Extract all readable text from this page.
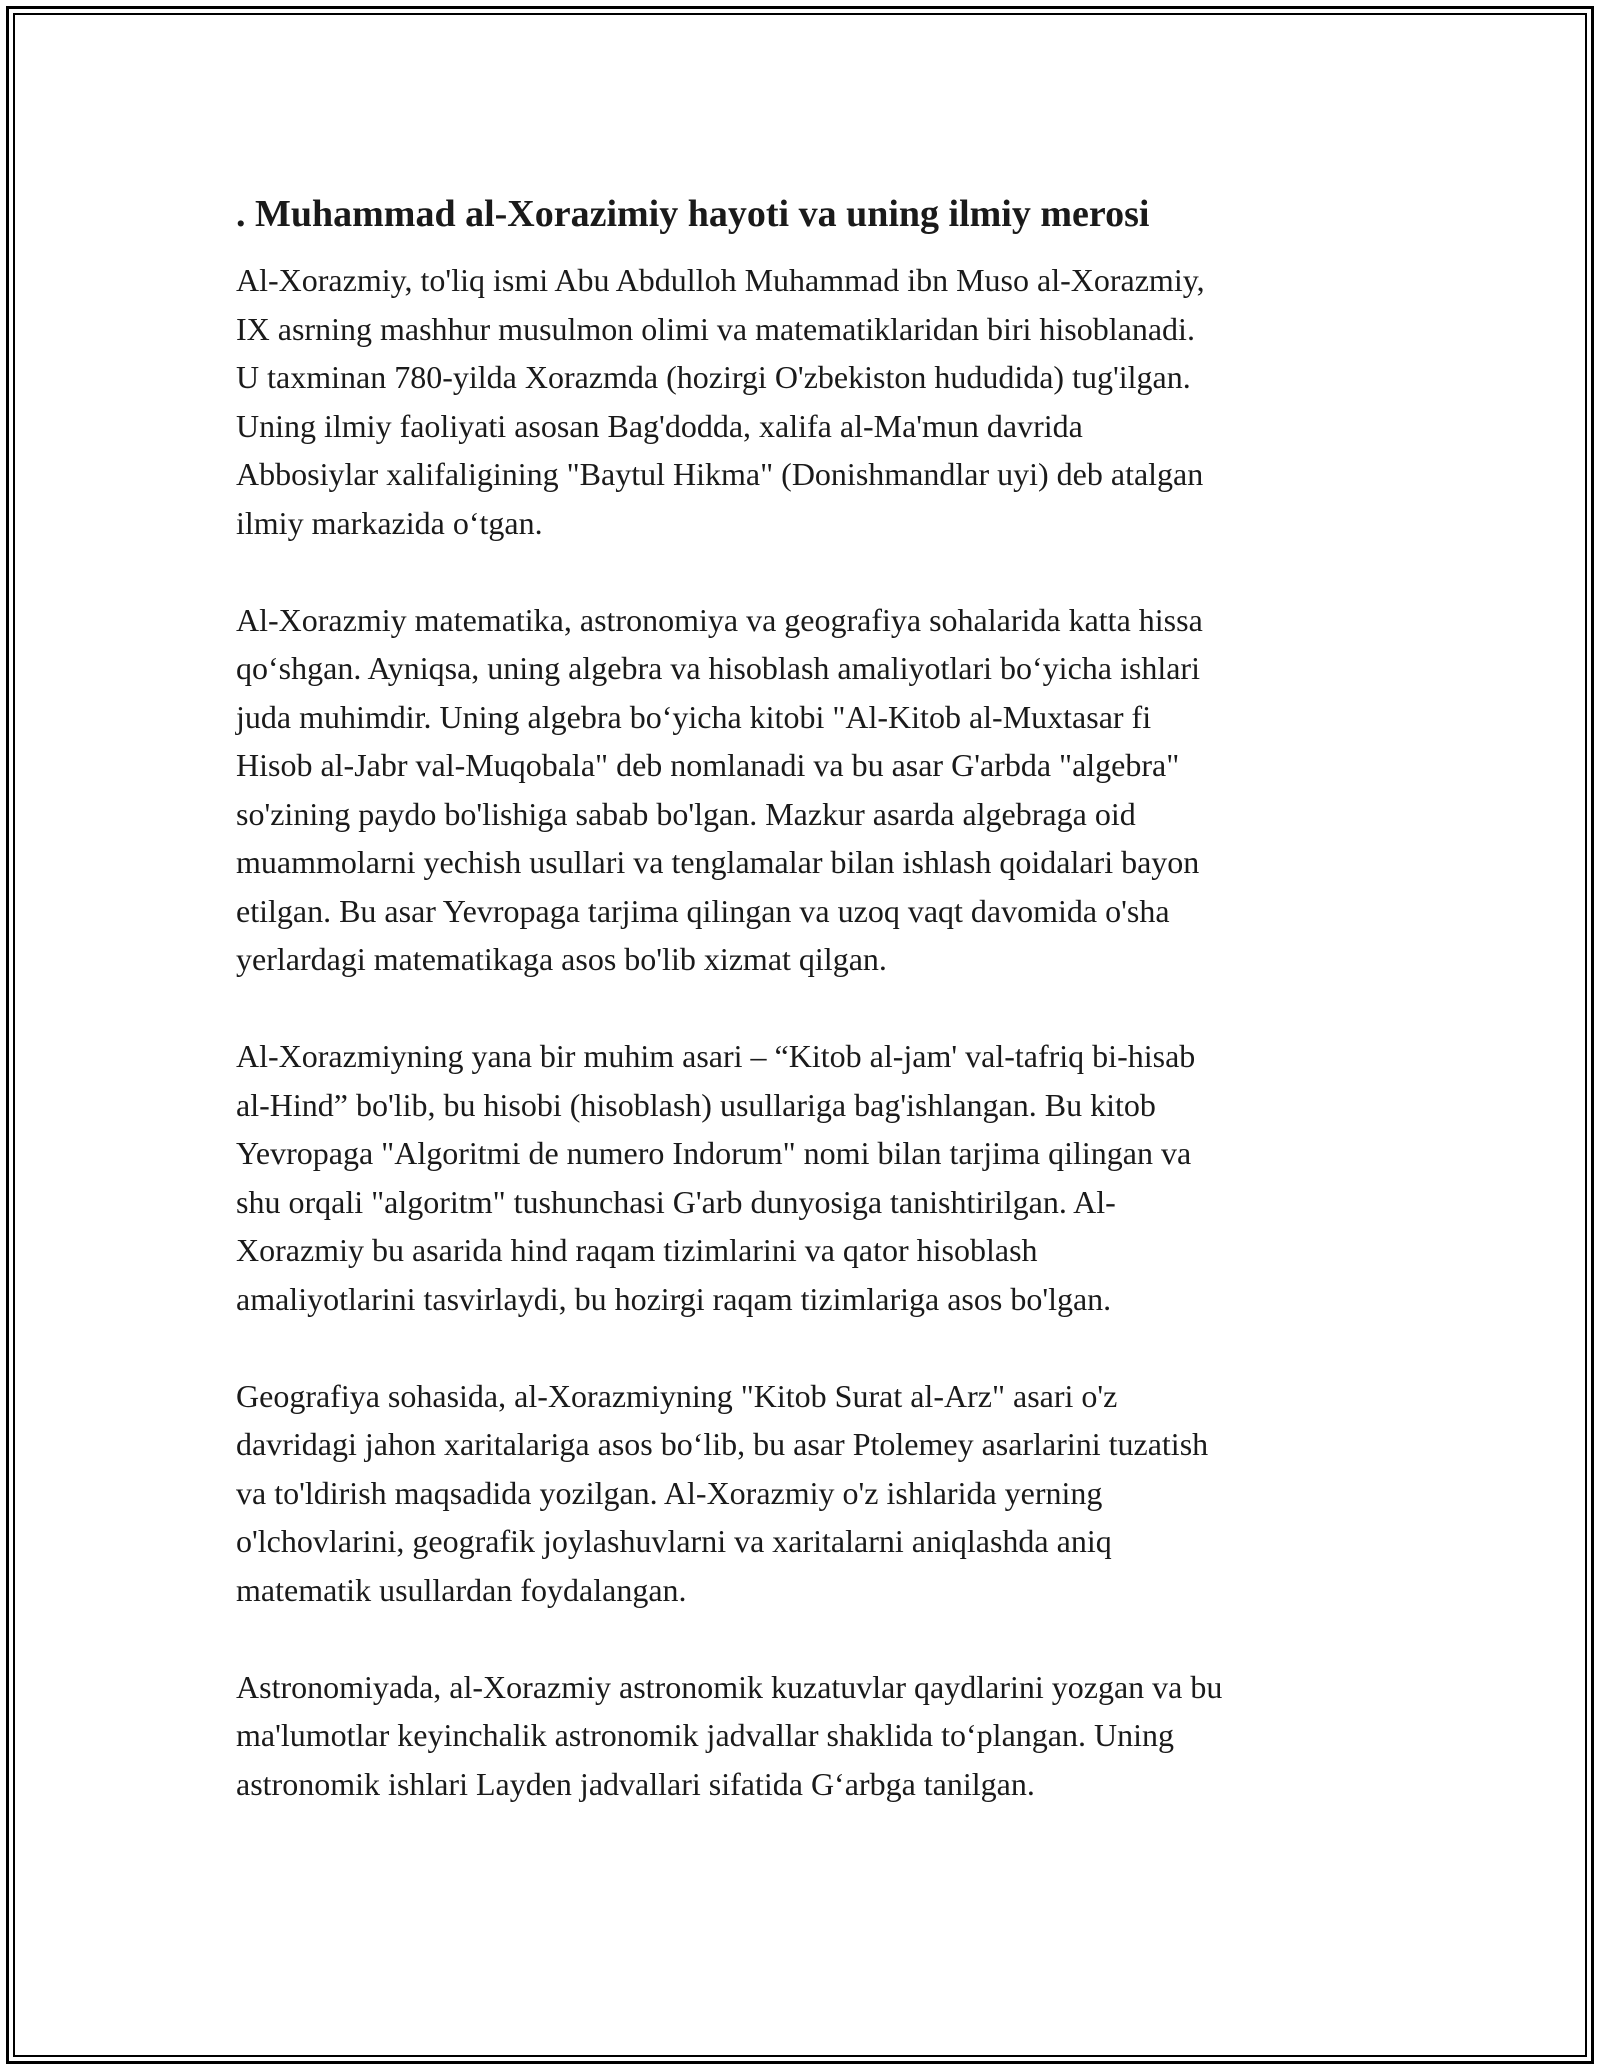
. Muhammad al-Xorazimiy hayoti va uning ilmiy merosi
Al-Xorazmiy, to'liq ismi Abu Abdulloh Muhammad ibn Muso al-Xorazmiy,
IX asrning mashhur musulmon olimi va matematiklaridan biri hisoblanadi.
U taxminan 780-yilda Xorazmda (hozirgi O'zbekiston hududida) tug'ilgan.
Uning ilmiy faoliyati asosan Bag'dodda, xalifa al-Ma'mun davrida
Abbosiylar xalifaligining "Baytul Hikma" (Donishmandlar uyi) deb atalgan
ilmiy markazida o‘tgan.
Al-Xorazmiy matematika, astronomiya va geografiya sohalarida katta hissa
qo‘shgan. Ayniqsa, uning algebra va hisoblash amaliyotlari bo‘yicha ishlari
juda muhimdir. Uning algebra bo‘yicha kitobi "Al-Kitob al-Muxtasar fi
Hisob al-Jabr val-Muqobala" deb nomlanadi va bu asar G'arbda "algebra"
so'zining paydo bo'lishiga sabab bo'lgan. Mazkur asarda algebraga oid
muammolarni yechish usullari va tenglamalar bilan ishlash qoidalari bayon
etilgan. Bu asar Yevropaga tarjima qilingan va uzoq vaqt davomida o'sha
yerlardagi matematikaga asos bo'lib xizmat qilgan.
Al-Xorazmiyning yana bir muhim asari – “Kitob al-jam' val-tafriq bi-hisab
al-Hind” bo'lib, bu hisobi (hisoblash) usullariga bag'ishlangan. Bu kitob
Yevropaga "Algoritmi de numero Indorum" nomi bilan tarjima qilingan va
shu orqali "algoritm" tushunchasi G'arb dunyosiga tanishtirilgan. Al-
Xorazmiy bu asarida hind raqam tizimlarini va qator hisoblash
amaliyotlarini tasvirlaydi, bu hozirgi raqam tizimlariga asos bo'lgan.
Geografiya sohasida, al-Xorazmiyning "Kitob Surat al-Arz" asari o'z
davridagi jahon xaritalariga asos bo‘lib, bu asar Ptolemey asarlarini tuzatish
va to'ldirish maqsadida yozilgan. Al-Xorazmiy o'z ishlarida yerning
o'lchovlarini, geografik joylashuvlarni va xaritalarni aniqlashda aniq
matematik usullardan foydalangan.
Astronomiyada, al-Xorazmiy astronomik kuzatuvlar qaydlarini yozgan va bu
ma'lumotlar keyinchalik astronomik jadvallar shaklida to‘plangan. Uning
astronomik ishlari Layden jadvallari sifatida G‘arbga tanilgan.
